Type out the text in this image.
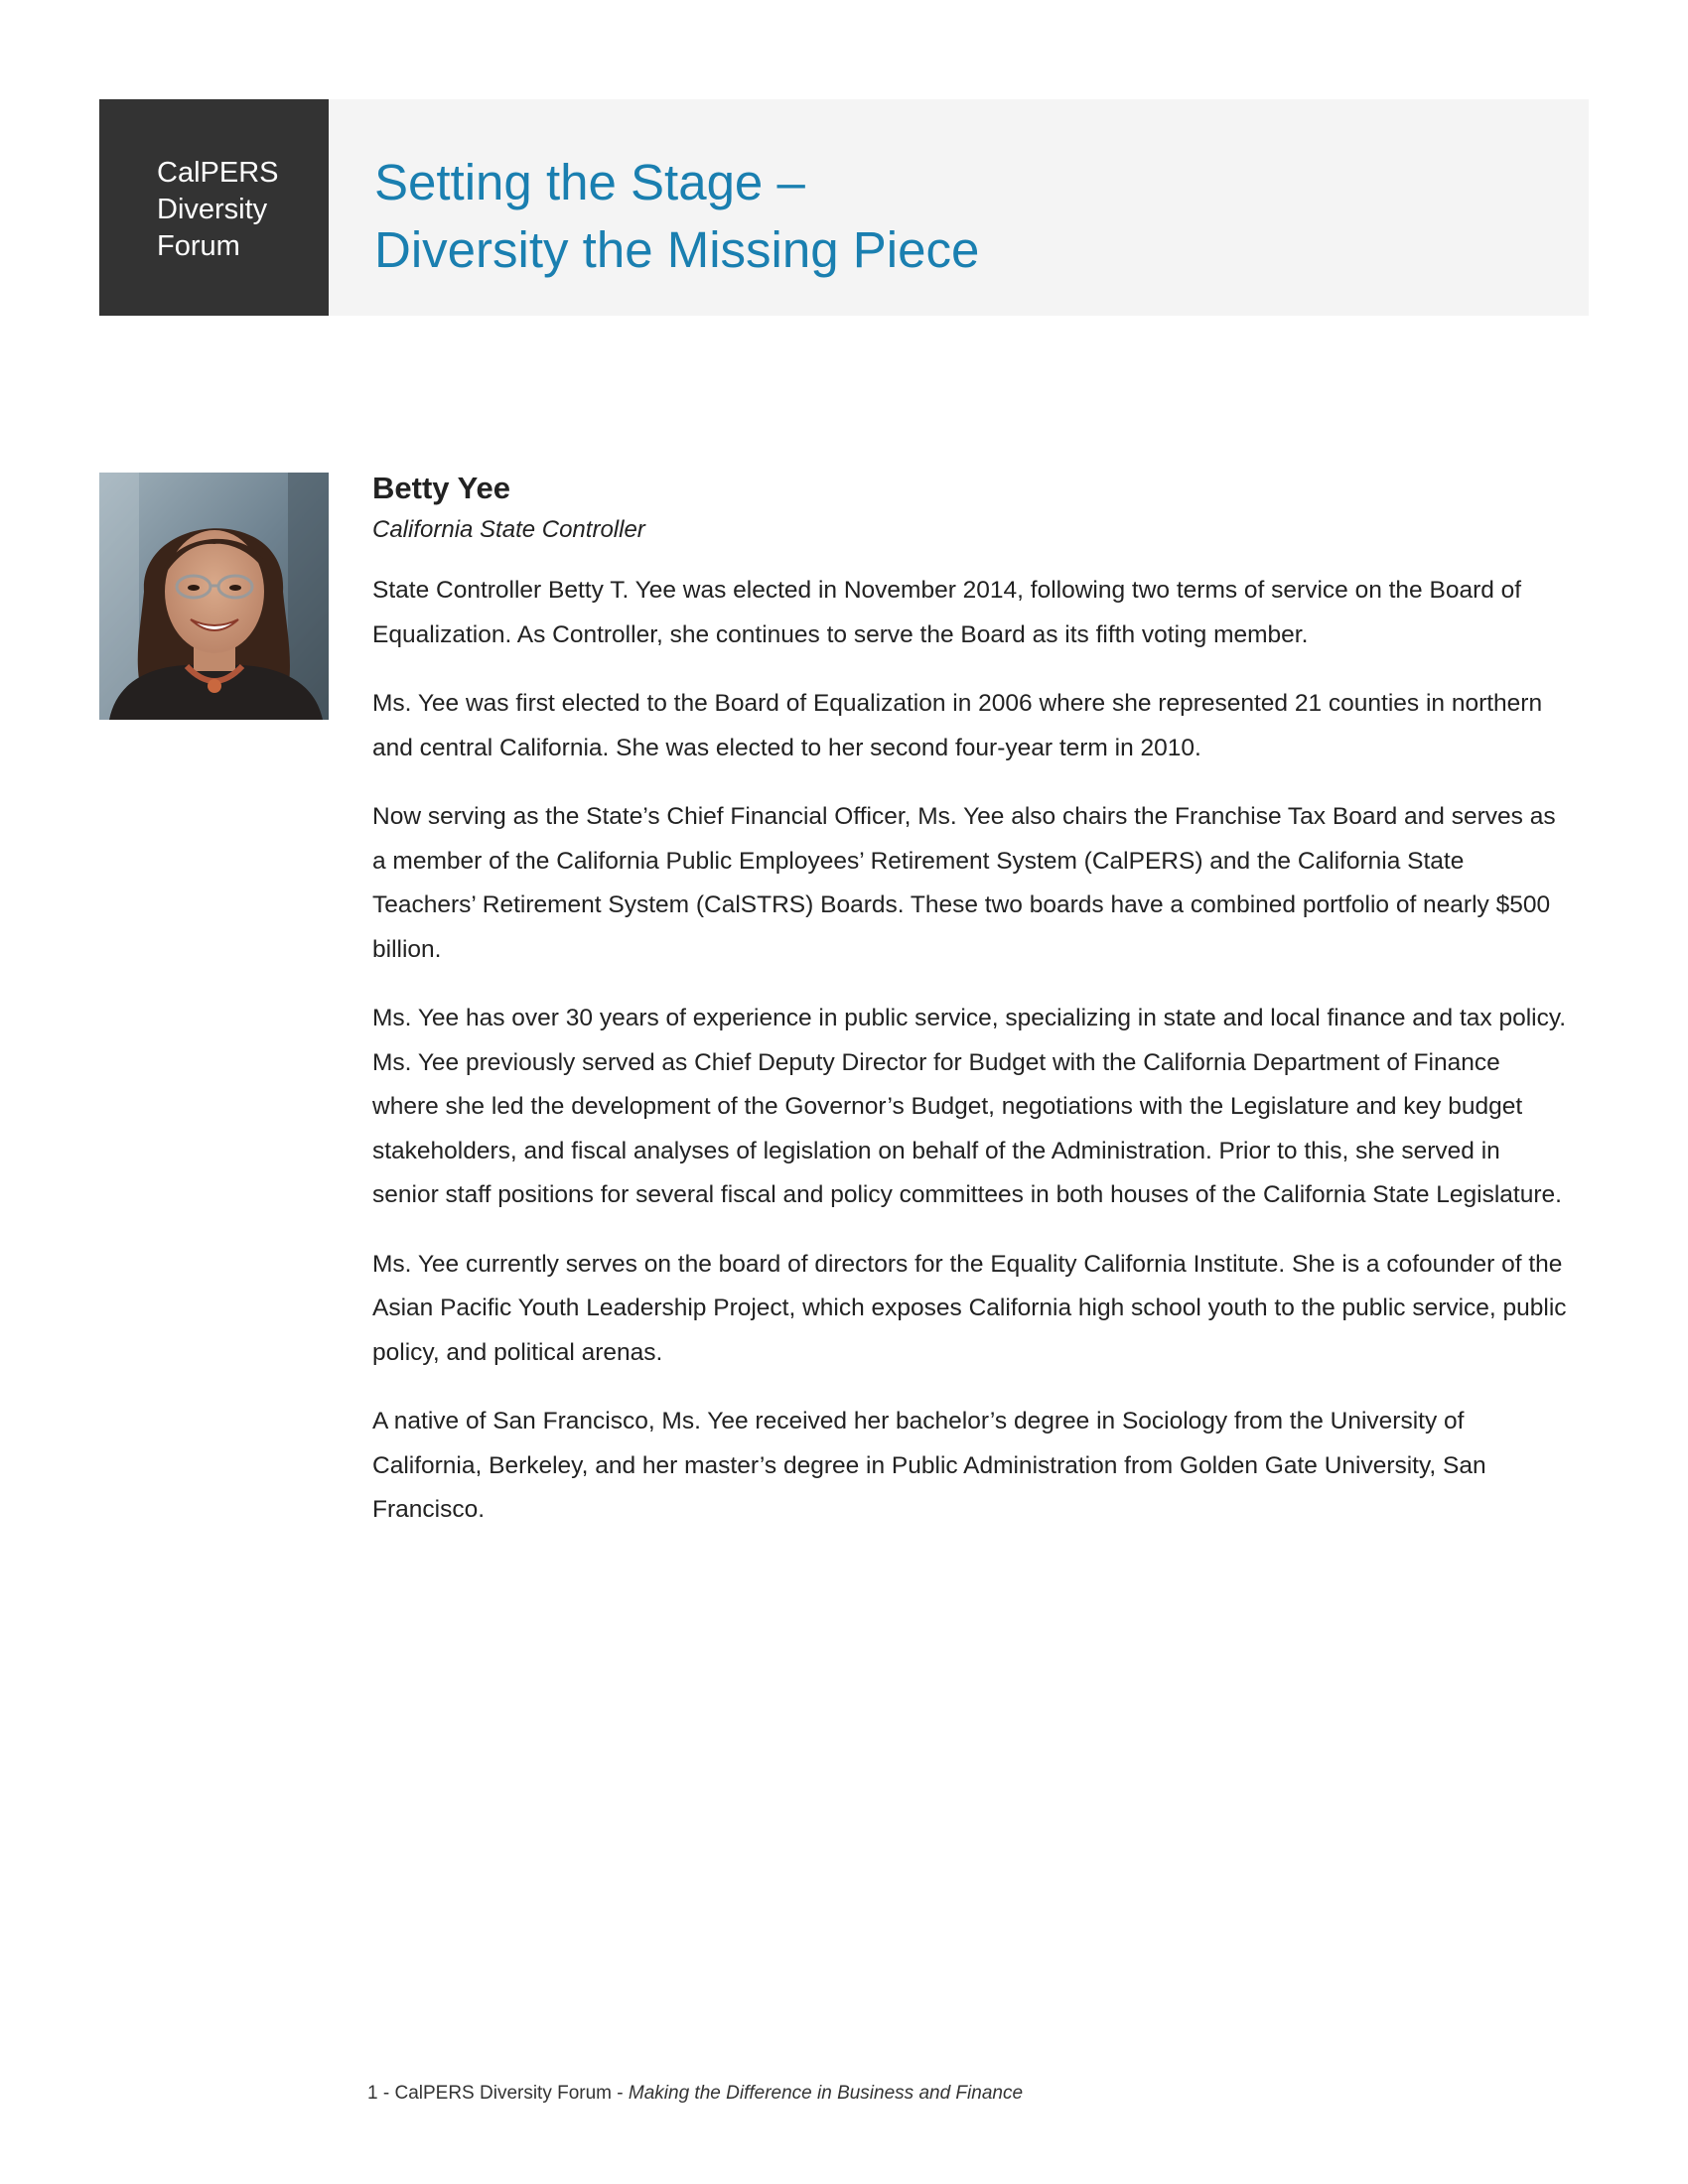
CalPERS
Diversity
Forum
Setting the Stage –
Diversity the Missing Piece
Betty Yee
California State Controller

State Controller Betty T. Yee was elected in November 2014, following two terms of service on the Board of Equalization. As Controller, she continues to serve the Board as its fifth voting member.

Ms. Yee was first elected to the Board of Equalization in 2006 where she represented 21 counties in northern and central California. She was elected to her second four-year term in 2010.

Now serving as the State’s Chief Financial Officer, Ms. Yee also chairs the Franchise Tax Board and serves as a member of the California Public Employees’ Retirement System (CalPERS) and the California State Teachers’ Retirement System (CalSTRS) Boards. These two boards have a combined portfolio of nearly $500 billion.

Ms. Yee has over 30 years of experience in public service, specializing in state and local finance and tax policy. Ms. Yee previously served as Chief Deputy Director for Budget with the California Department of Finance where she led the development of the Governor’s Budget, negotiations with the Legislature and key budget stakeholders, and fiscal analyses of legislation on behalf of the Administration. Prior to this, she served in senior staff positions for several fiscal and policy committees in both houses of the California State Legislature.

Ms. Yee currently serves on the board of directors for the Equality California Institute. She is a cofounder of the Asian Pacific Youth Leadership Project, which exposes California high school youth to the public service, public policy, and political arenas.

A native of San Francisco, Ms. Yee received her bachelor’s degree in Sociology from the University of California, Berkeley, and her master’s degree in Public Administration from Golden Gate University, San Francisco.

1 - CalPERS Diversity Forum - Making the Difference in Business and Finance
